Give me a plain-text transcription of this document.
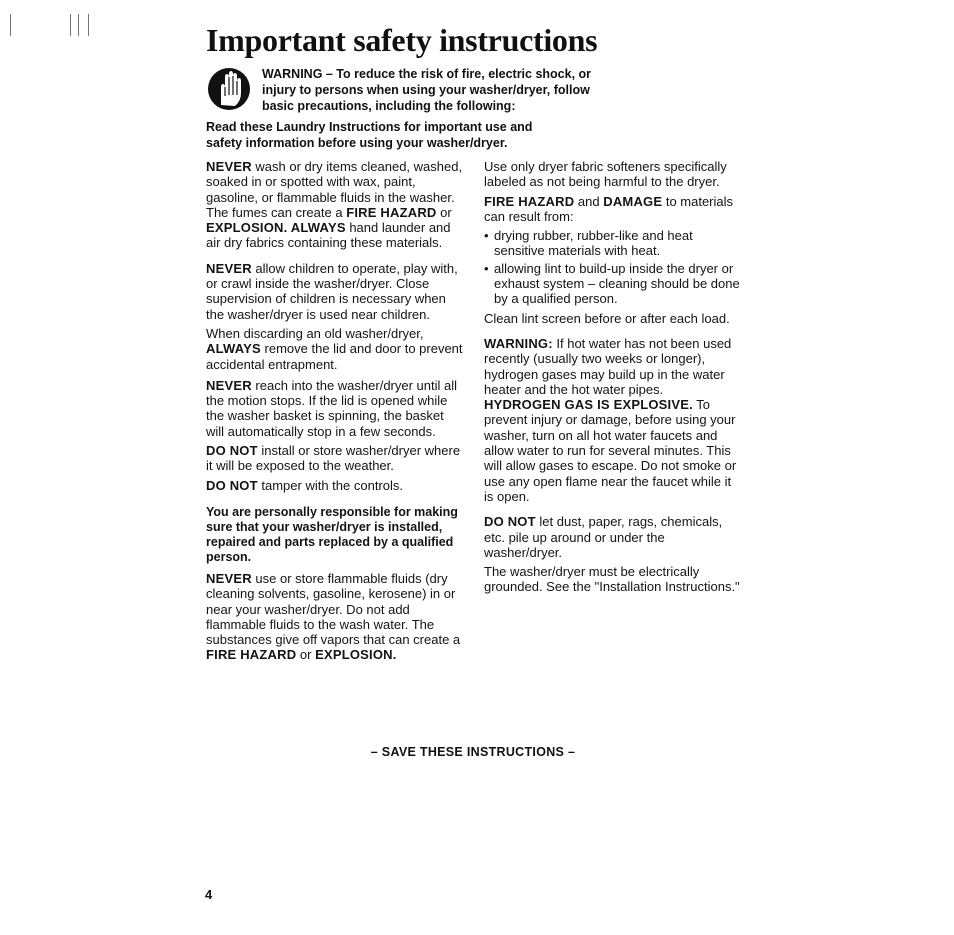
Important safety instructions
WARNING – To reduce the risk of fire, electric shock, or
injury to persons when using your washer/dryer, follow
basic precautions, including the following:
Read these Laundry Instructions for important use and
safety information before using your washer/dryer.

NEVER wash or dry items cleaned, washed, soaked in or spotted with wax, paint, gasoline, or flammable fluids in the washer. The fumes can create a FIRE HAZARD or EXPLOSION. ALWAYS hand launder and air dry fabrics containing these materials.

NEVER allow children to operate, play with, or crawl inside the washer/dryer. Close supervision of children is necessary when the washer/dryer is used near children.

When discarding an old washer/dryer, ALWAYS remove the lid and door to prevent accidental entrapment.

NEVER reach into the washer/dryer until all the motion stops. If the lid is opened while the washer basket is spinning, the basket will automatically stop in a few seconds.

DO NOT install or store washer/dryer where it will be exposed to the weather.

DO NOT tamper with the controls.

You are personally responsible for making sure that your washer/dryer is installed, repaired and parts replaced by a qualified person.

NEVER use or store flammable fluids (dry cleaning solvents, gasoline, kerosene) in or near your washer/dryer. Do not add flammable fluids to the wash water. The substances give off vapors that can create a FIRE HAZARD or EXPLOSION.

Use only dryer fabric softeners specifically labeled as not being harmful to the dryer.

FIRE HAZARD and DAMAGE to materials can result from:

• drying rubber, rubber-like and heat sensitive materials with heat.
• allowing lint to build-up inside the dryer or exhaust system – cleaning should be done by a qualified person.

Clean lint screen before or after each load.

WARNING: If hot water has not been used recently (usually two weeks or longer), hydrogen gases may build up in the water heater and the hot water pipes. HYDROGEN GAS IS EXPLOSIVE. To prevent injury or damage, before using your washer, turn on all hot water faucets and allow water to run for several minutes. This will allow gases to escape. Do not smoke or use any open flame near the faucet while it is open.

DO NOT let dust, paper, rags, chemicals, etc. pile up around or under the washer/dryer.

The washer/dryer must be electrically grounded. See the "Installation Instructions."

– SAVE THESE INSTRUCTIONS –
4
